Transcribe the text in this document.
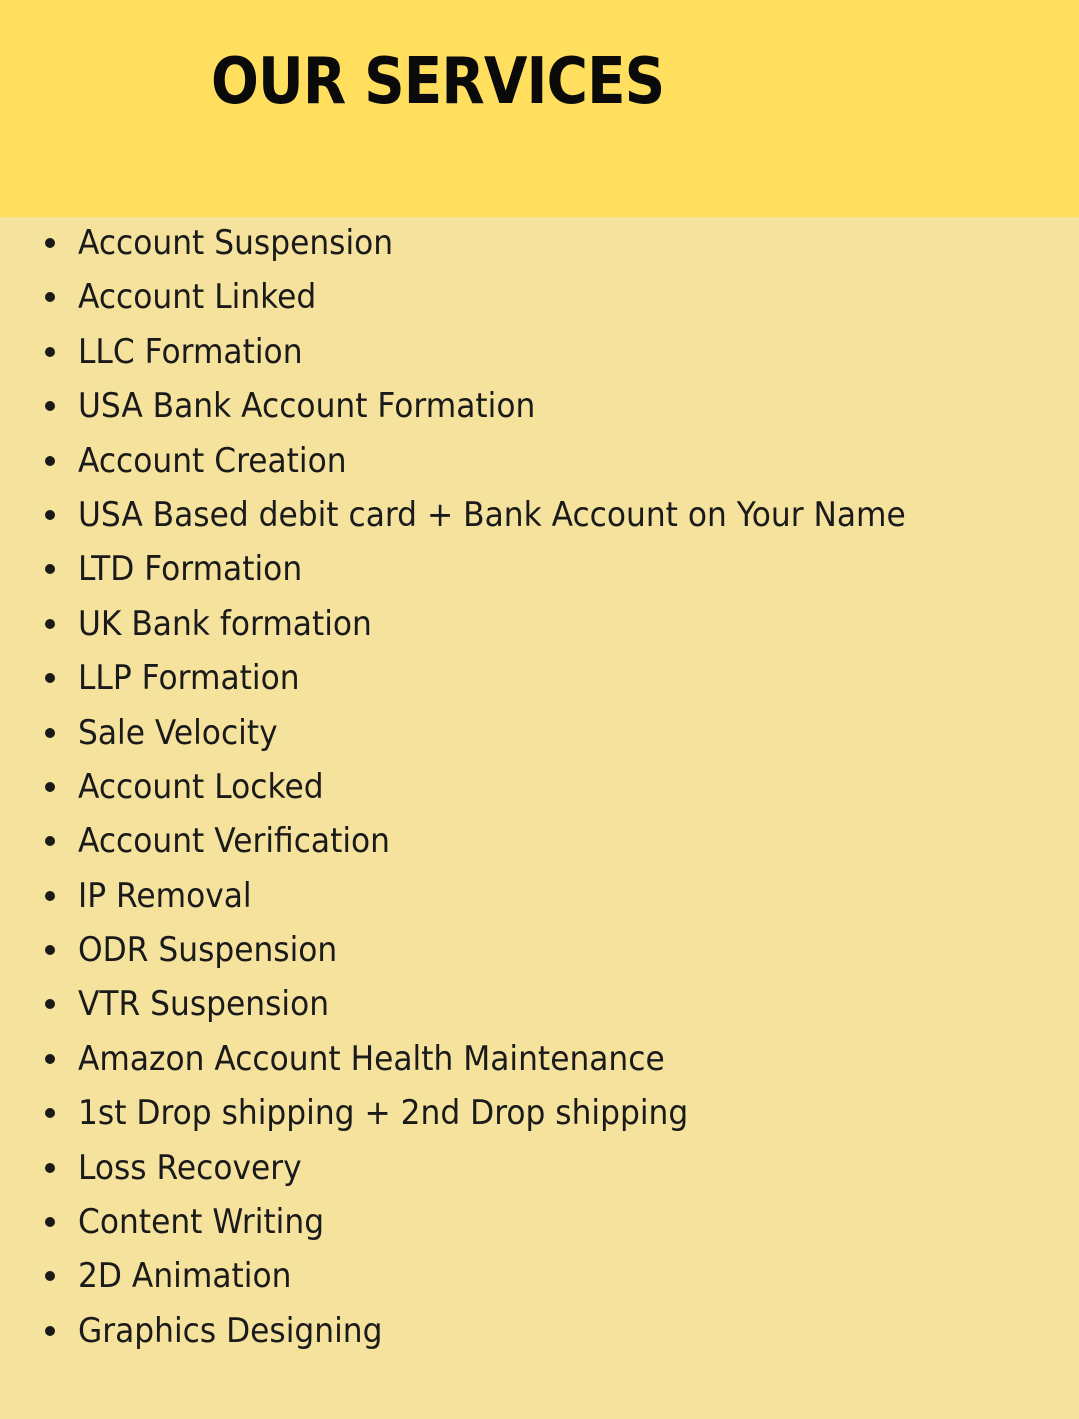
OUR SERVICES
Account Suspension
Account Linked
LLC Formation
USA Bank Account Formation
Account Creation
USA Based debit card + Bank Account on Your Name
LTD Formation
UK Bank formation
LLP Formation
Sale Velocity
Account Locked
Account Verification
IP Removal
ODR Suspension
VTR Suspension
Amazon Account Health Maintenance
1st Drop shipping + 2nd Drop shipping
Loss Recovery
Content Writing
2D Animation
Graphics Designing
